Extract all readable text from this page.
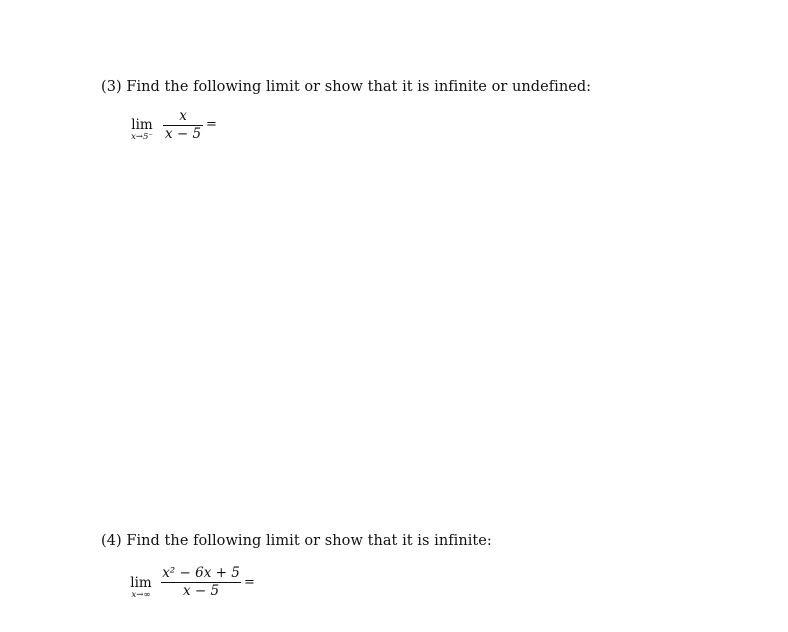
(3) Find the following limit or show that it is infinite or undefined:
lim
x→5⁻
x
x − 5
=
(4) Find the following limit or show that it is infinite:
lim
x→∞
x² − 6x + 5
x − 5
=
